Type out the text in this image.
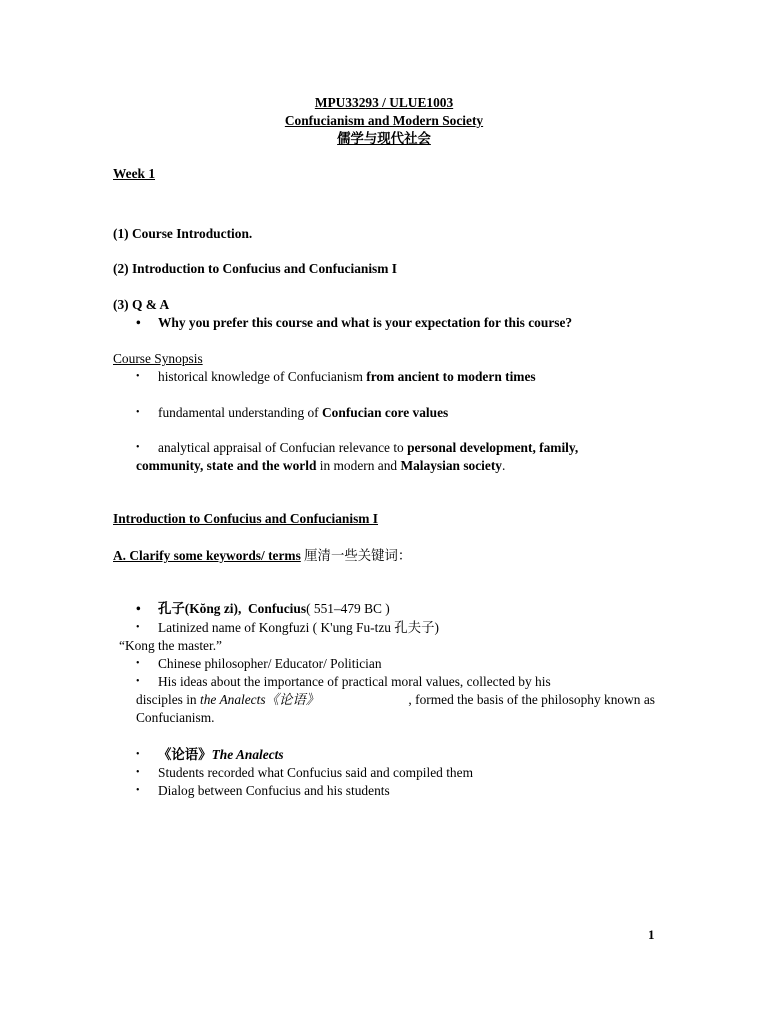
MPU33293 / ULUE1003
Confucianism and Modern Society
儒学与现代社会
Week 1
(1) Course Introduction.
(2) Introduction to Confucius and Confucianism I
(3) Q & A
• Why you prefer this course and what is your expectation for this course?
Course Synopsis
• historical knowledge of Confucianism from ancient to modern times
• fundamental understanding of Confucian core values
• analytical appraisal of Confucian relevance to personal development, family,
community, state and the world in modern and Malaysian society.
Introduction to Confucius and Confucianism I
A. Clarify some keywords/ terms 厘清一些关键词：
• 孔子(Kŏng zi), Confucius( 551–479 BC )
• Latinized name of Kongfuzi ( K'ung Fu-tzu 孔夫子)
“Kong the master.”
• Chinese philosopher/ Educator/ Politician
• His ideas about the importance of practical moral values, collected by his
disciples in the Analects《论语》	, formed the basis of the philosophy known as
Confucianism.
• 《论语》The Analects
• Students recorded what Confucius said and compiled them
• Dialog between Confucius and his students
1
